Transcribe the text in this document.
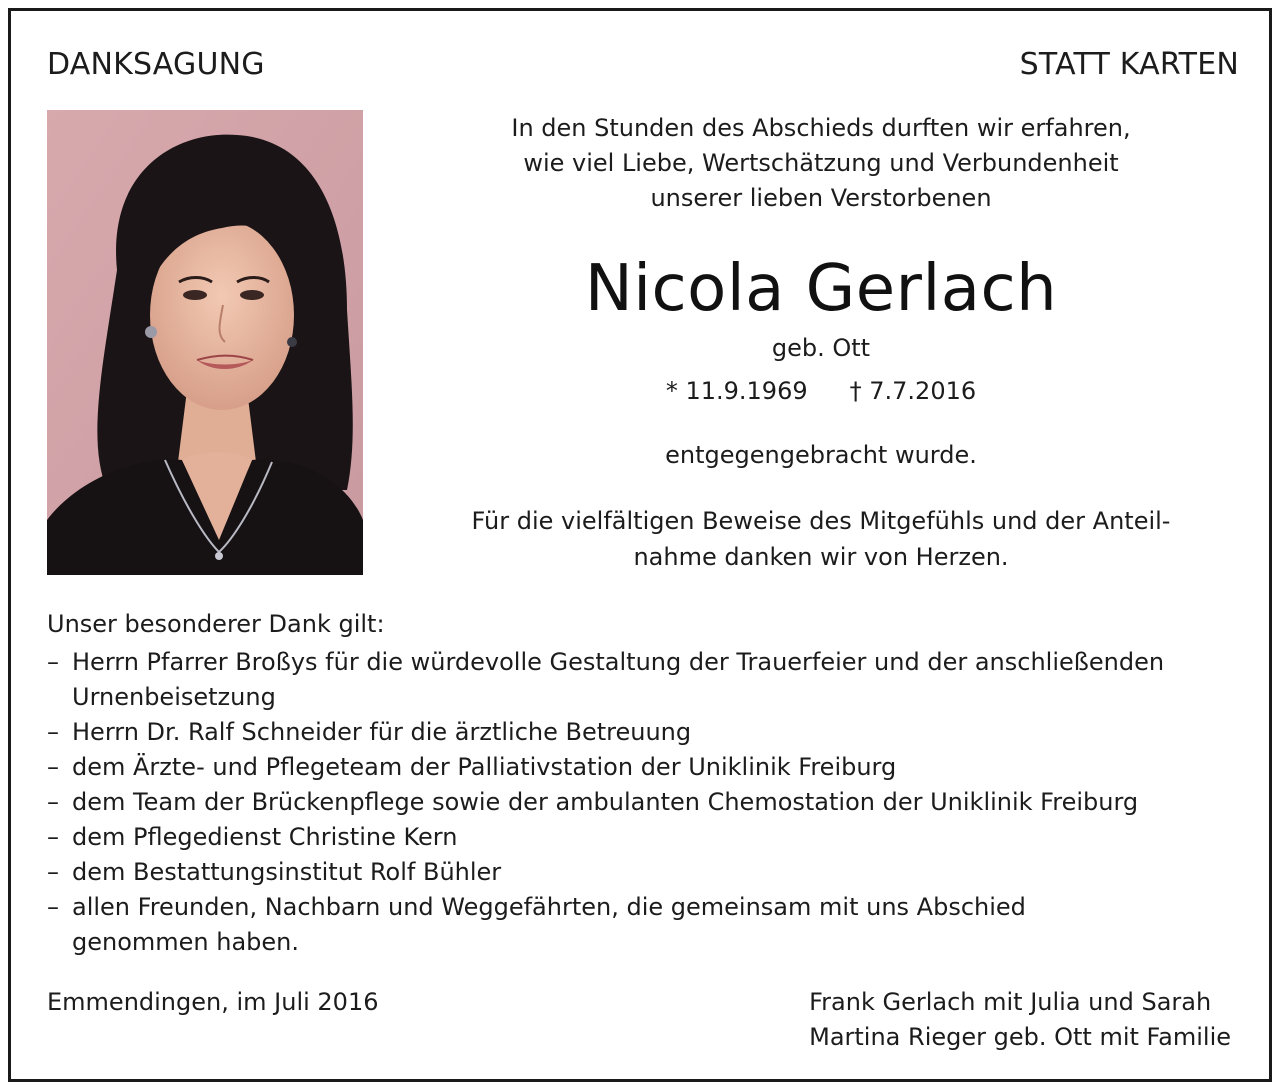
DANKSAGUNG	STATT KARTEN
In den Stunden des Abschieds durften wir erfahren,
wie viel Liebe, Wertschätzung und Verbundenheit
unserer lieben Verstorbenen
Nicola Gerlach
geb. Ott
* 11.9.1969 † 7.7.2016
entgegengebracht wurde.
Für die vielfältigen Beweise des Mitgefühls und der Anteil-
nahme danken wir von Herzen.
Unser besonderer Dank gilt:
– Herrn Pfarrer Broßys für die würdevolle Gestaltung der Trauerfeier und der anschließenden
Urnenbeisetzung
– Herrn Dr. Ralf Schneider für die ärztliche Betreuung
– dem Ärzte- und Pflegeteam der Palliativstation der Uniklinik Freiburg
– dem Team der Brückenpflege sowie der ambulanten Chemostation der Uniklinik Freiburg
– dem Pflegedienst Christine Kern
– dem Bestattungsinstitut Rolf Bühler
– allen Freunden, Nachbarn und Weggefährten, die gemeinsam mit uns Abschied
genommen haben.
Emmendingen, im Juli 2016	Frank Gerlach mit Julia und Sarah
Martina Rieger geb. Ott mit Familie
